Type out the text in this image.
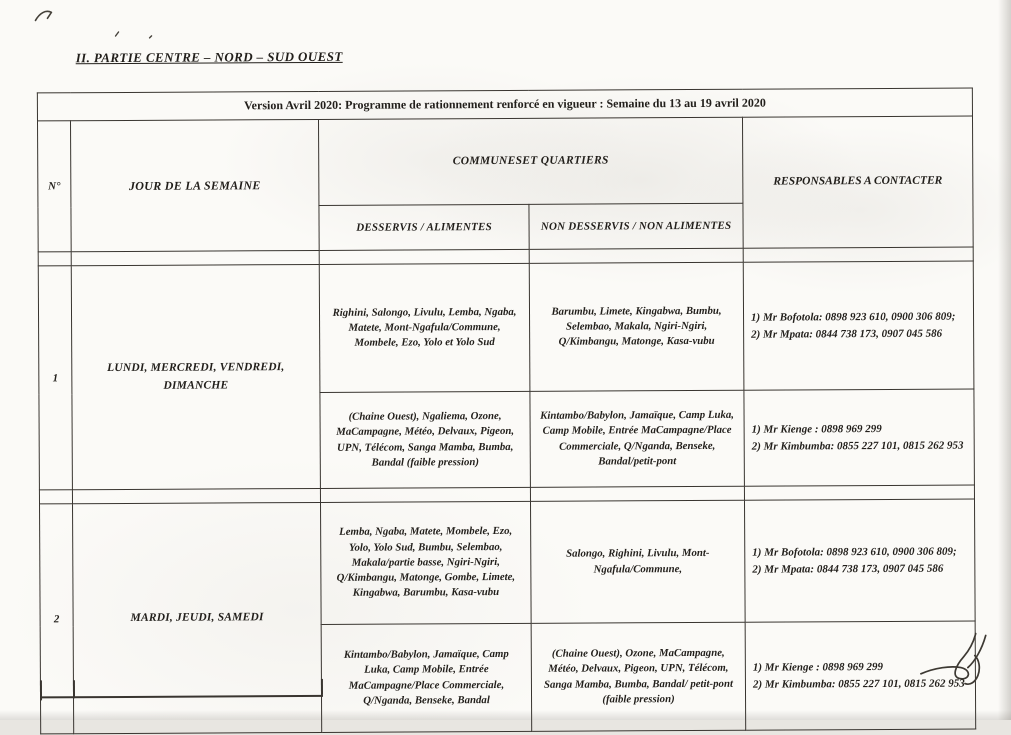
II. PARTIE CENTRE – NORD – SUD OUEST
Version Avril 2020: Programme de rationnement renforcé en vigueur : Semaine du 13 au 19 avril 2020				
N°	JOUR DE LA SEMAINE	COMMUNESET QUARTIERS		RESPONSABLES A CONTACTER
		DESSERVIS / ALIMENTES	NON DESSERVIS / NON ALIMENTES	

1	LUNDI, MERCREDI, VENDREDI, DIMANCHE	Righini, Salongo, Livulu, Lemba, Ngaba, Matete, Mont-Ngafula/Commune, Mombele, Ezo, Yolo et Yolo Sud	Barumbu, Limete, Kingabwa, Bumbu, Selembao, Makala, Ngiri-Ngiri, Q/Kimbangu, Matonge, Kasa-vubu	1) Mr Bofotola: 0898 923 610, 0900 306 809;
2) Mr Mpata: 0844 738 173, 0907 045 586
		(Chaine Ouest), Ngaliema, Ozone, MaCampagne, Météo, Delvaux, Pigeon, UPN, Télécom, Sanga Mamba, Bumba, Bandal (faible pression)	Kintambo/Babylon, Jamaïque, Camp Luka, Camp Mobile, Entrée MaCampagne/Place Commerciale, Q/Nganda, Benseke, Bandal/petit-pont	1) Mr Kienge : 0898 969 299
2) Mr Kimbumba: 0855 227 101, 0815 262 953

2	MARDI, JEUDI, SAMEDI	Lemba, Ngaba, Matete, Mombele, Ezo, Yolo, Yolo Sud, Bumbu, Selembao, Makala/partie basse, Ngiri-Ngiri, Q/Kimbangu, Matonge, Gombe, Limete, Kingabwa, Barumbu, Kasa-vubu	Salongo, Righini, Livulu, Mont-Ngafula/Commune,	1) Mr Bofotola: 0898 923 610, 0900 306 809;
2) Mr Mpata: 0844 738 173, 0907 045 586
		Kintambo/Babylon, Jamaïque, Camp Luka, Camp Mobile, Entrée MaCampagne/Place Commerciale, Q/Nganda, Benseke, Bandal	(Chaine Ouest), Ozone, MaCampagne, Météo, Delvaux, Pigeon, UPN, Télécom, Sanga Mamba, Bumba, Bandal/ petit-pont (faible pression)	1) Mr Kienge : 0898 969 299
2) Mr Kimbumba: 0855 227 101, 0815 262 953
